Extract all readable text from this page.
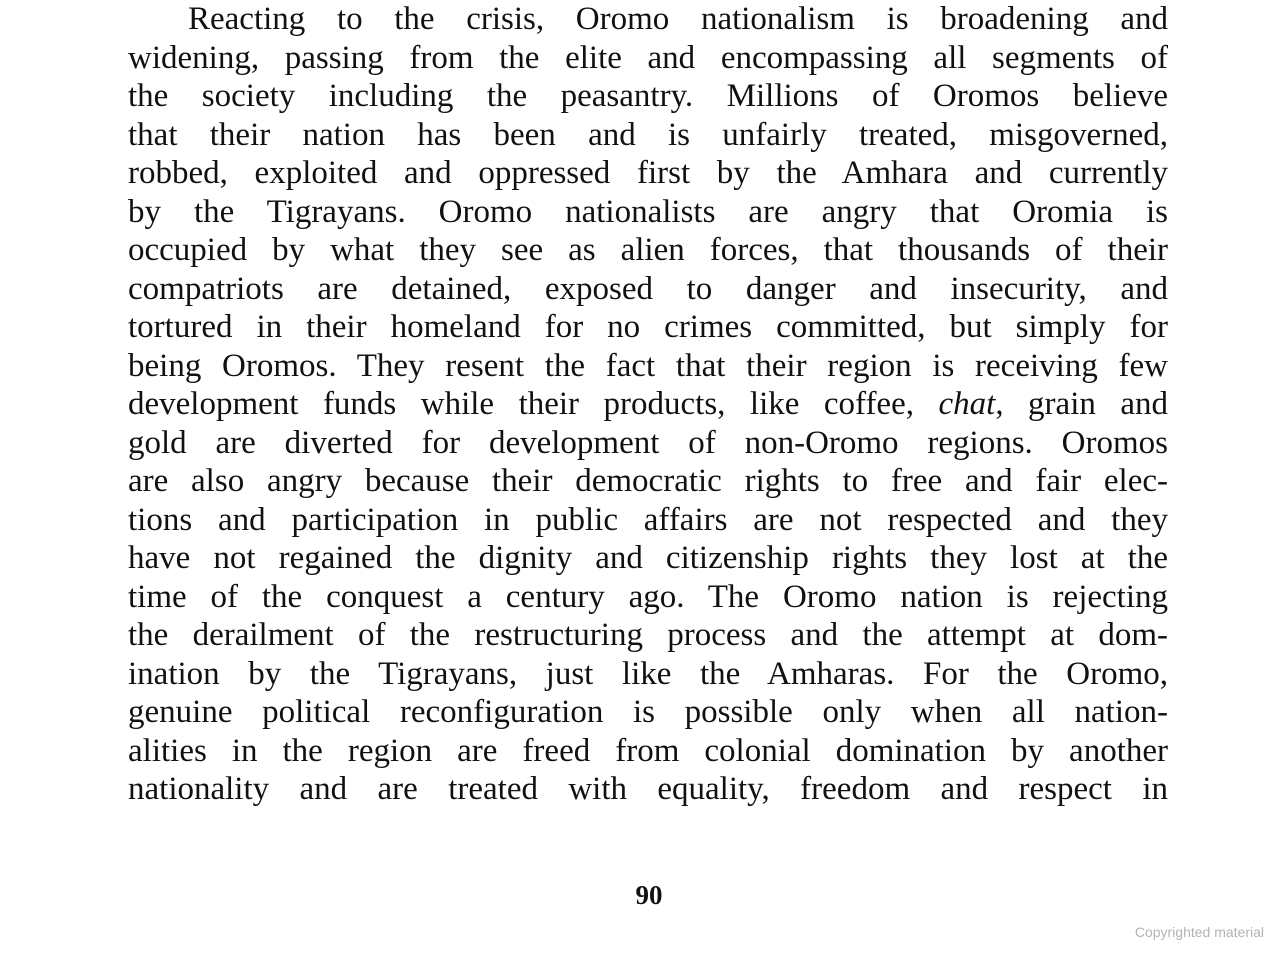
Reacting to the crisis, Oromo nationalism is broadening and
widening, passing from the elite and encompassing all segments of
the society including the peasantry. Millions of Oromos believe
that their nation has been and is unfairly treated, misgoverned,
robbed, exploited and oppressed first by the Amhara and currently
by the Tigrayans. Oromo nationalists are angry that Oromia is
occupied by what they see as alien forces, that thousands of their
compatriots are detained, exposed to danger and insecurity, and
tortured in their homeland for no crimes committed, but simply for
being Oromos. They resent the fact that their region is receiving few
development funds while their products, like coffee, chat, grain and
gold are diverted for development of non-Oromo regions. Oromos
are also angry because their democratic rights to free and fair elec-
tions and participation in public affairs are not respected and they
have not regained the dignity and citizenship rights they lost at the
time of the conquest a century ago. The Oromo nation is rejecting
the derailment of the restructuring process and the attempt at dom-
ination by the Tigrayans, just like the Amharas. For the Oromo,
genuine political reconfiguration is possible only when all nation-
alities in the region are freed from colonial domination by another
nationality and are treated with equality, freedom and respect in
90
Copyrighted material
